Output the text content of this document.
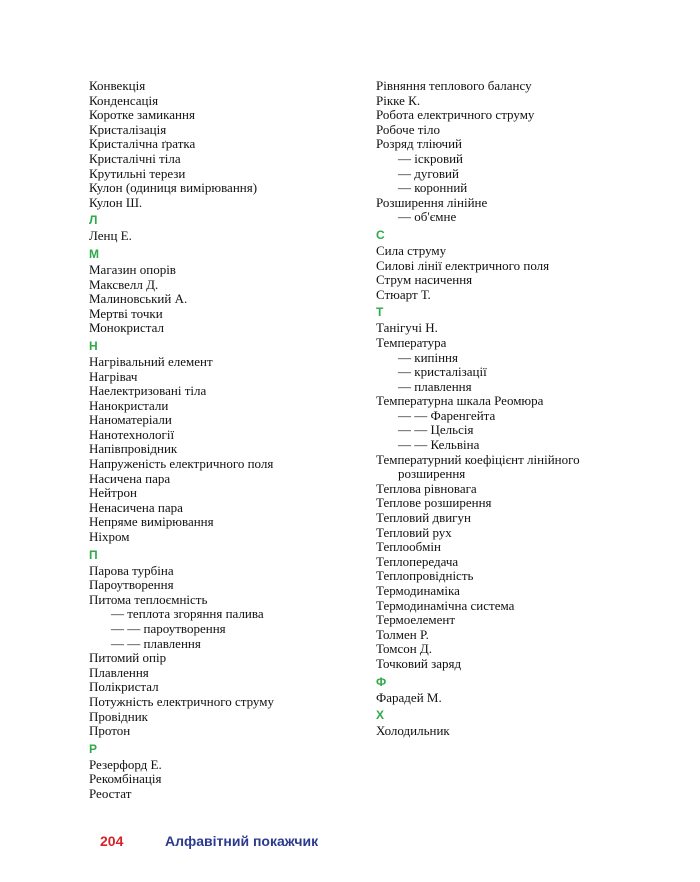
Конвекція
Конденсація
Коротке замикання
Кристалізація
Кристалічна ґратка
Кристалічні тіла
Крутильні терези
Кулон (одиниця вимірювання)
Кулон Ш.
Л
Ленц Е.
М
Магазин опорів
Максвелл Д.
Малиновський А.
Мертві точки
Монокристал
Н
Нагрівальний елемент
Нагрівач
Наелектризовані тіла
Нанокристали
Наноматеріали
Нанотехнології
Напівпровідник
Напруженість електричного поля
Насичена пара
Нейтрон
Ненасичена пара
Непряме вимірювання
Ніхром
П
Парова турбіна
Пароутворення
Питома теплоємність
— теплота згоряння палива
— — пароутворення
— — плавлення
Питомий опір
Плавлення
Полікристал
Потужність електричного струму
Провідник
Протон
Р
Резерфорд Е.
Рекомбінація
Реостат
Рівняння теплового балансу
Рікке К.
Робота електричного струму
Робоче тіло
Розряд тліючий
— іскровий
— дуговий
— коронний
Розширення лінійне
— об'ємне
С
Сила струму
Силові лінії електричного поля
Струм насичення
Стюарт Т.
Т
Танігучі Н.
Температура
— кипіння
— кристалізації
— плавлення
Температурна шкала Реомюра
— — Фаренгейта
— — Цельсія
— — Кельвіна
Температурний коефіцієнт лінійного
розширення
Теплова рівновага
Теплове розширення
Тепловий двигун
Тепловий рух
Теплообмін
Теплопередача
Теплопровідність
Термодинаміка
Термодинамічна система
Термоелемент
Толмен Р.
Томсон Д.
Точковий заряд
Ф
Фарадей М.
Х
Холодильник
204	Алфавітний покажчик
